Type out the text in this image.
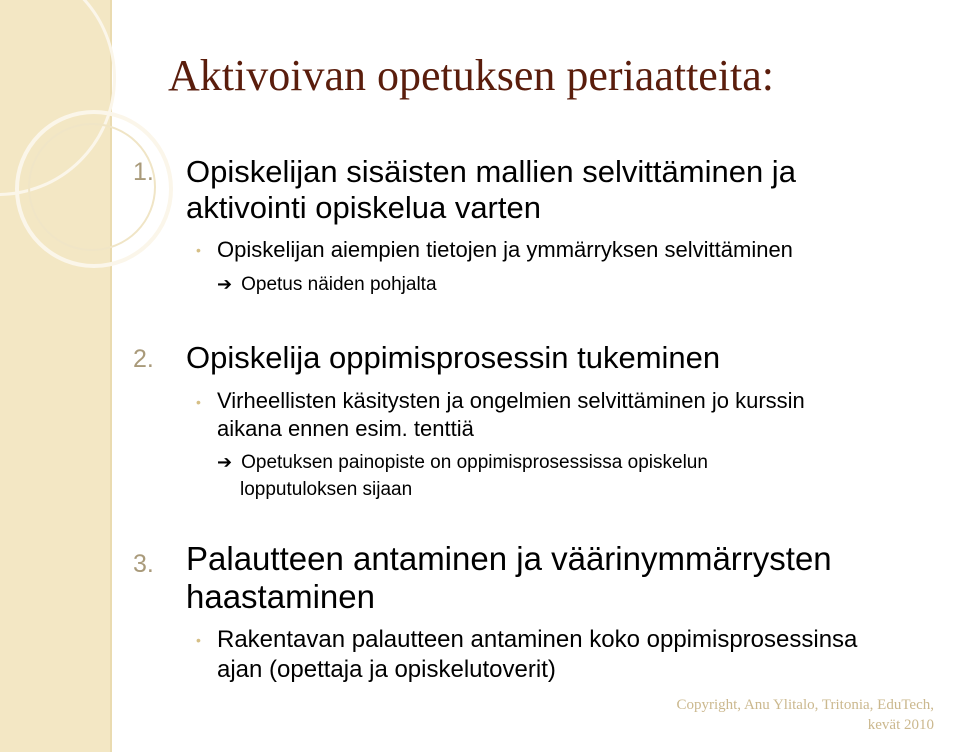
Aktivoivan opetuksen periaatteita:
1. Opiskelijan sisäisten mallien selvittäminen ja
aktivointi opiskelua varten
• Opiskelijan aiempien tietojen ja ymmärryksen selvittäminen
➔ Opetus näiden pohjalta
2. Opiskelija oppimisprosessin tukeminen
• Virheellisten käsitysten ja ongelmien selvittäminen jo kurssin
aikana ennen esim. tenttiä
➔ Opetuksen painopiste on oppimisprosessissa opiskelun
lopputuloksen sijaan
3. Palautteen antaminen ja väärinymmärrysten
haastaminen
• Rakentavan palautteen antaminen koko oppimisprosessinsa
ajan (opettaja ja opiskelutoverit)
Copyright, Anu Ylitalo, Tritonia, EduTech,
kevät 2010
